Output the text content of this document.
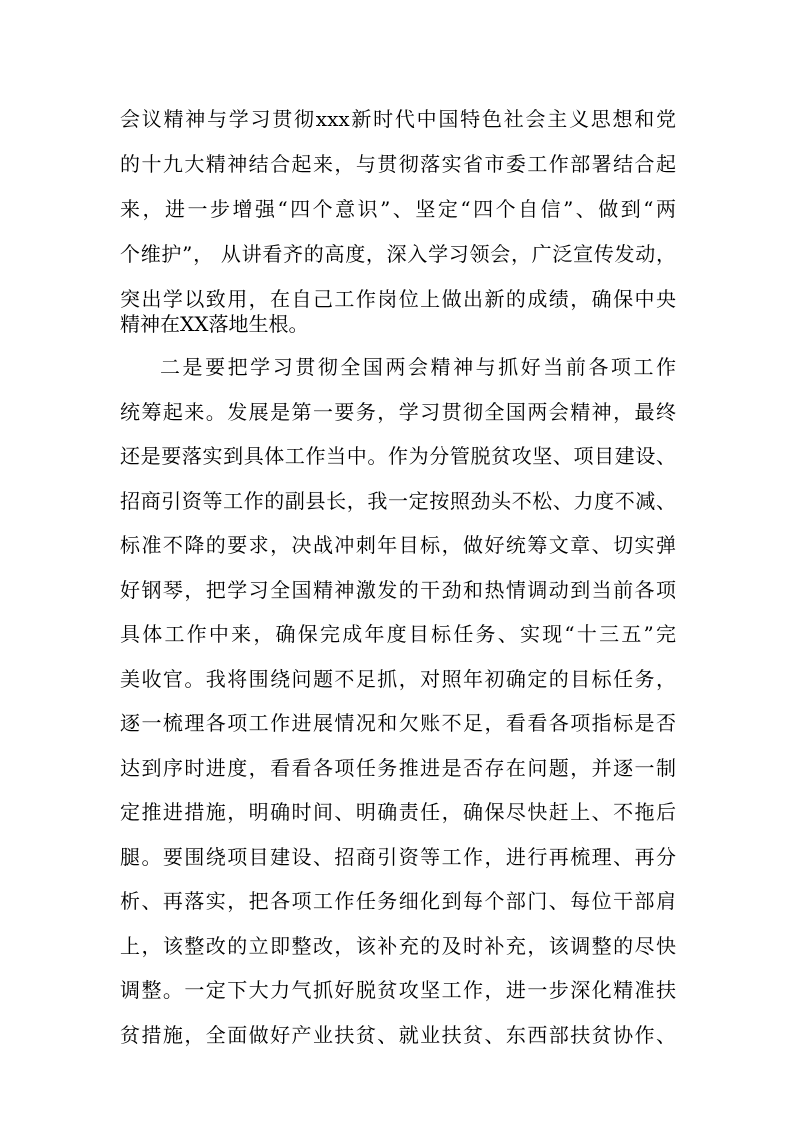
会议精神与学习贯彻xxx新时代中国特色社会主义思想和党
的十九大精神结合起来，与贯彻落实省市委工作部署结合起
来，进一步增强“四个意识”、坚定“四个自信”、做到“两
个维护”， 从讲看齐的高度，深入学习领会，广泛宣传发动，
突出学以致用，在自己工作岗位上做出新的成绩，确保中央
精神在XX落地生根。
二是要把学习贯彻全国两会精神与抓好当前各项工作
统筹起来。发展是第一要务，学习贯彻全国两会精神，最终
还是要落实到具体工作当中。作为分管脱贫攻坚、项目建设、
招商引资等工作的副县长，我一定按照劲头不松、力度不减、
标准不降的要求，决战冲刺年目标，做好统筹文章、切实弹
好钢琴，把学习全国精神激发的干劲和热情调动到当前各项
具体工作中来，确保完成年度目标任务、实现“十三五”完
美收官。我将围绕问题不足抓，对照年初确定的目标任务，
逐一梳理各项工作进展情况和欠账不足，看看各项指标是否
达到序时进度，看看各项任务推进是否存在问题，并逐一制
定推进措施，明确时间、明确责任，确保尽快赶上、不拖后
腿。要围绕项目建设、招商引资等工作，进行再梳理、再分
析、再落实，把各项工作任务细化到每个部门、每位干部肩
上，该整改的立即整改，该补充的及时补充，该调整的尽快
调整。一定下大力气抓好脱贫攻坚工作，进一步深化精准扶
贫措施，全面做好产业扶贫、就业扶贫、东西部扶贫协作、
